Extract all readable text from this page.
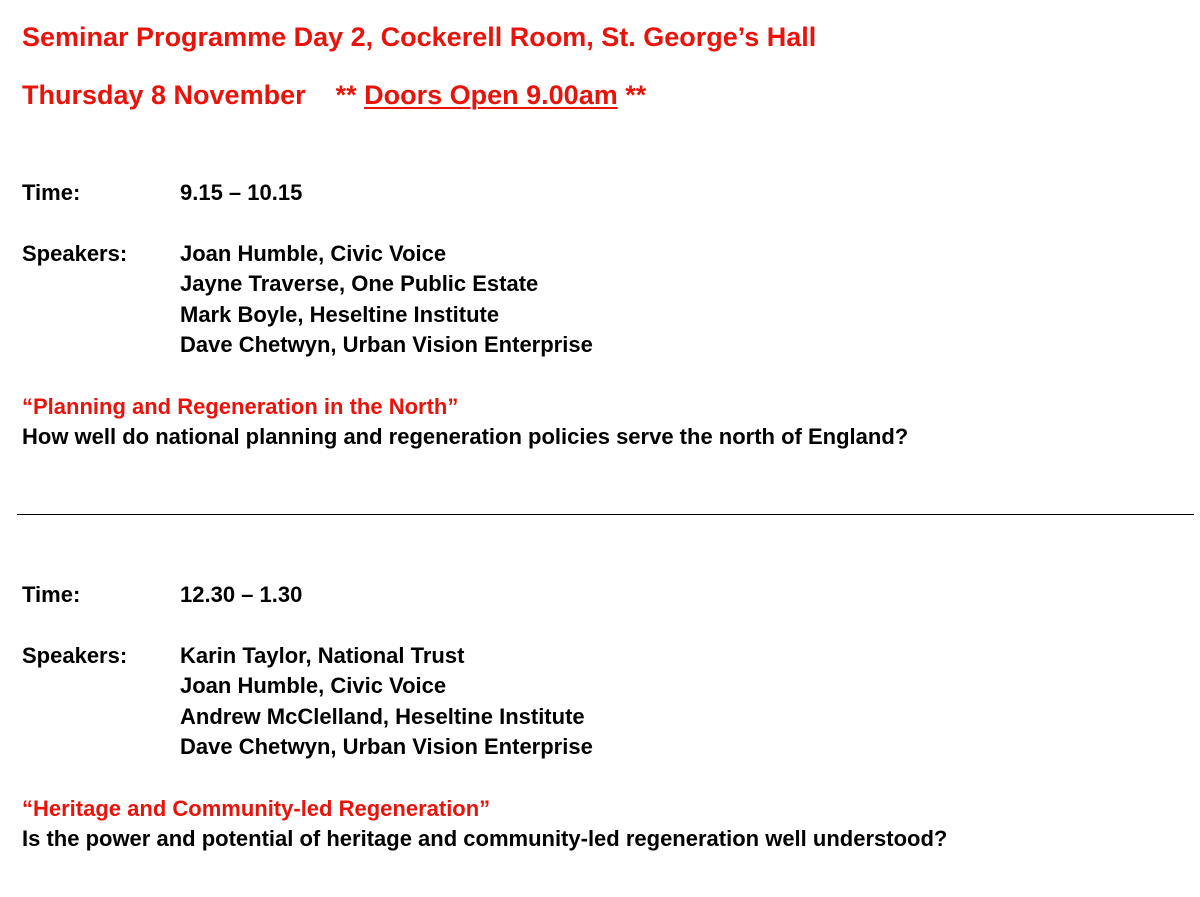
Seminar Programme Day 2, Cockerell Room, St. George’s Hall
Thursday 8 November ** Doors Open 9.00am **
Time:	9.15 – 10.15
Speakers:	Joan Humble, Civic Voice
Jayne Traverse, One Public Estate
Mark Boyle, Heseltine Institute
Dave Chetwyn, Urban Vision Enterprise
“Planning and Regeneration in the North”
How well do national planning and regeneration policies serve the north of England?
Time:	12.30 – 1.30
Speakers:	Karin Taylor, National Trust
Joan Humble, Civic Voice
Andrew McClelland, Heseltine Institute
Dave Chetwyn, Urban Vision Enterprise
“Heritage and Community-led Regeneration”
Is the power and potential of heritage and community-led regeneration well understood?
